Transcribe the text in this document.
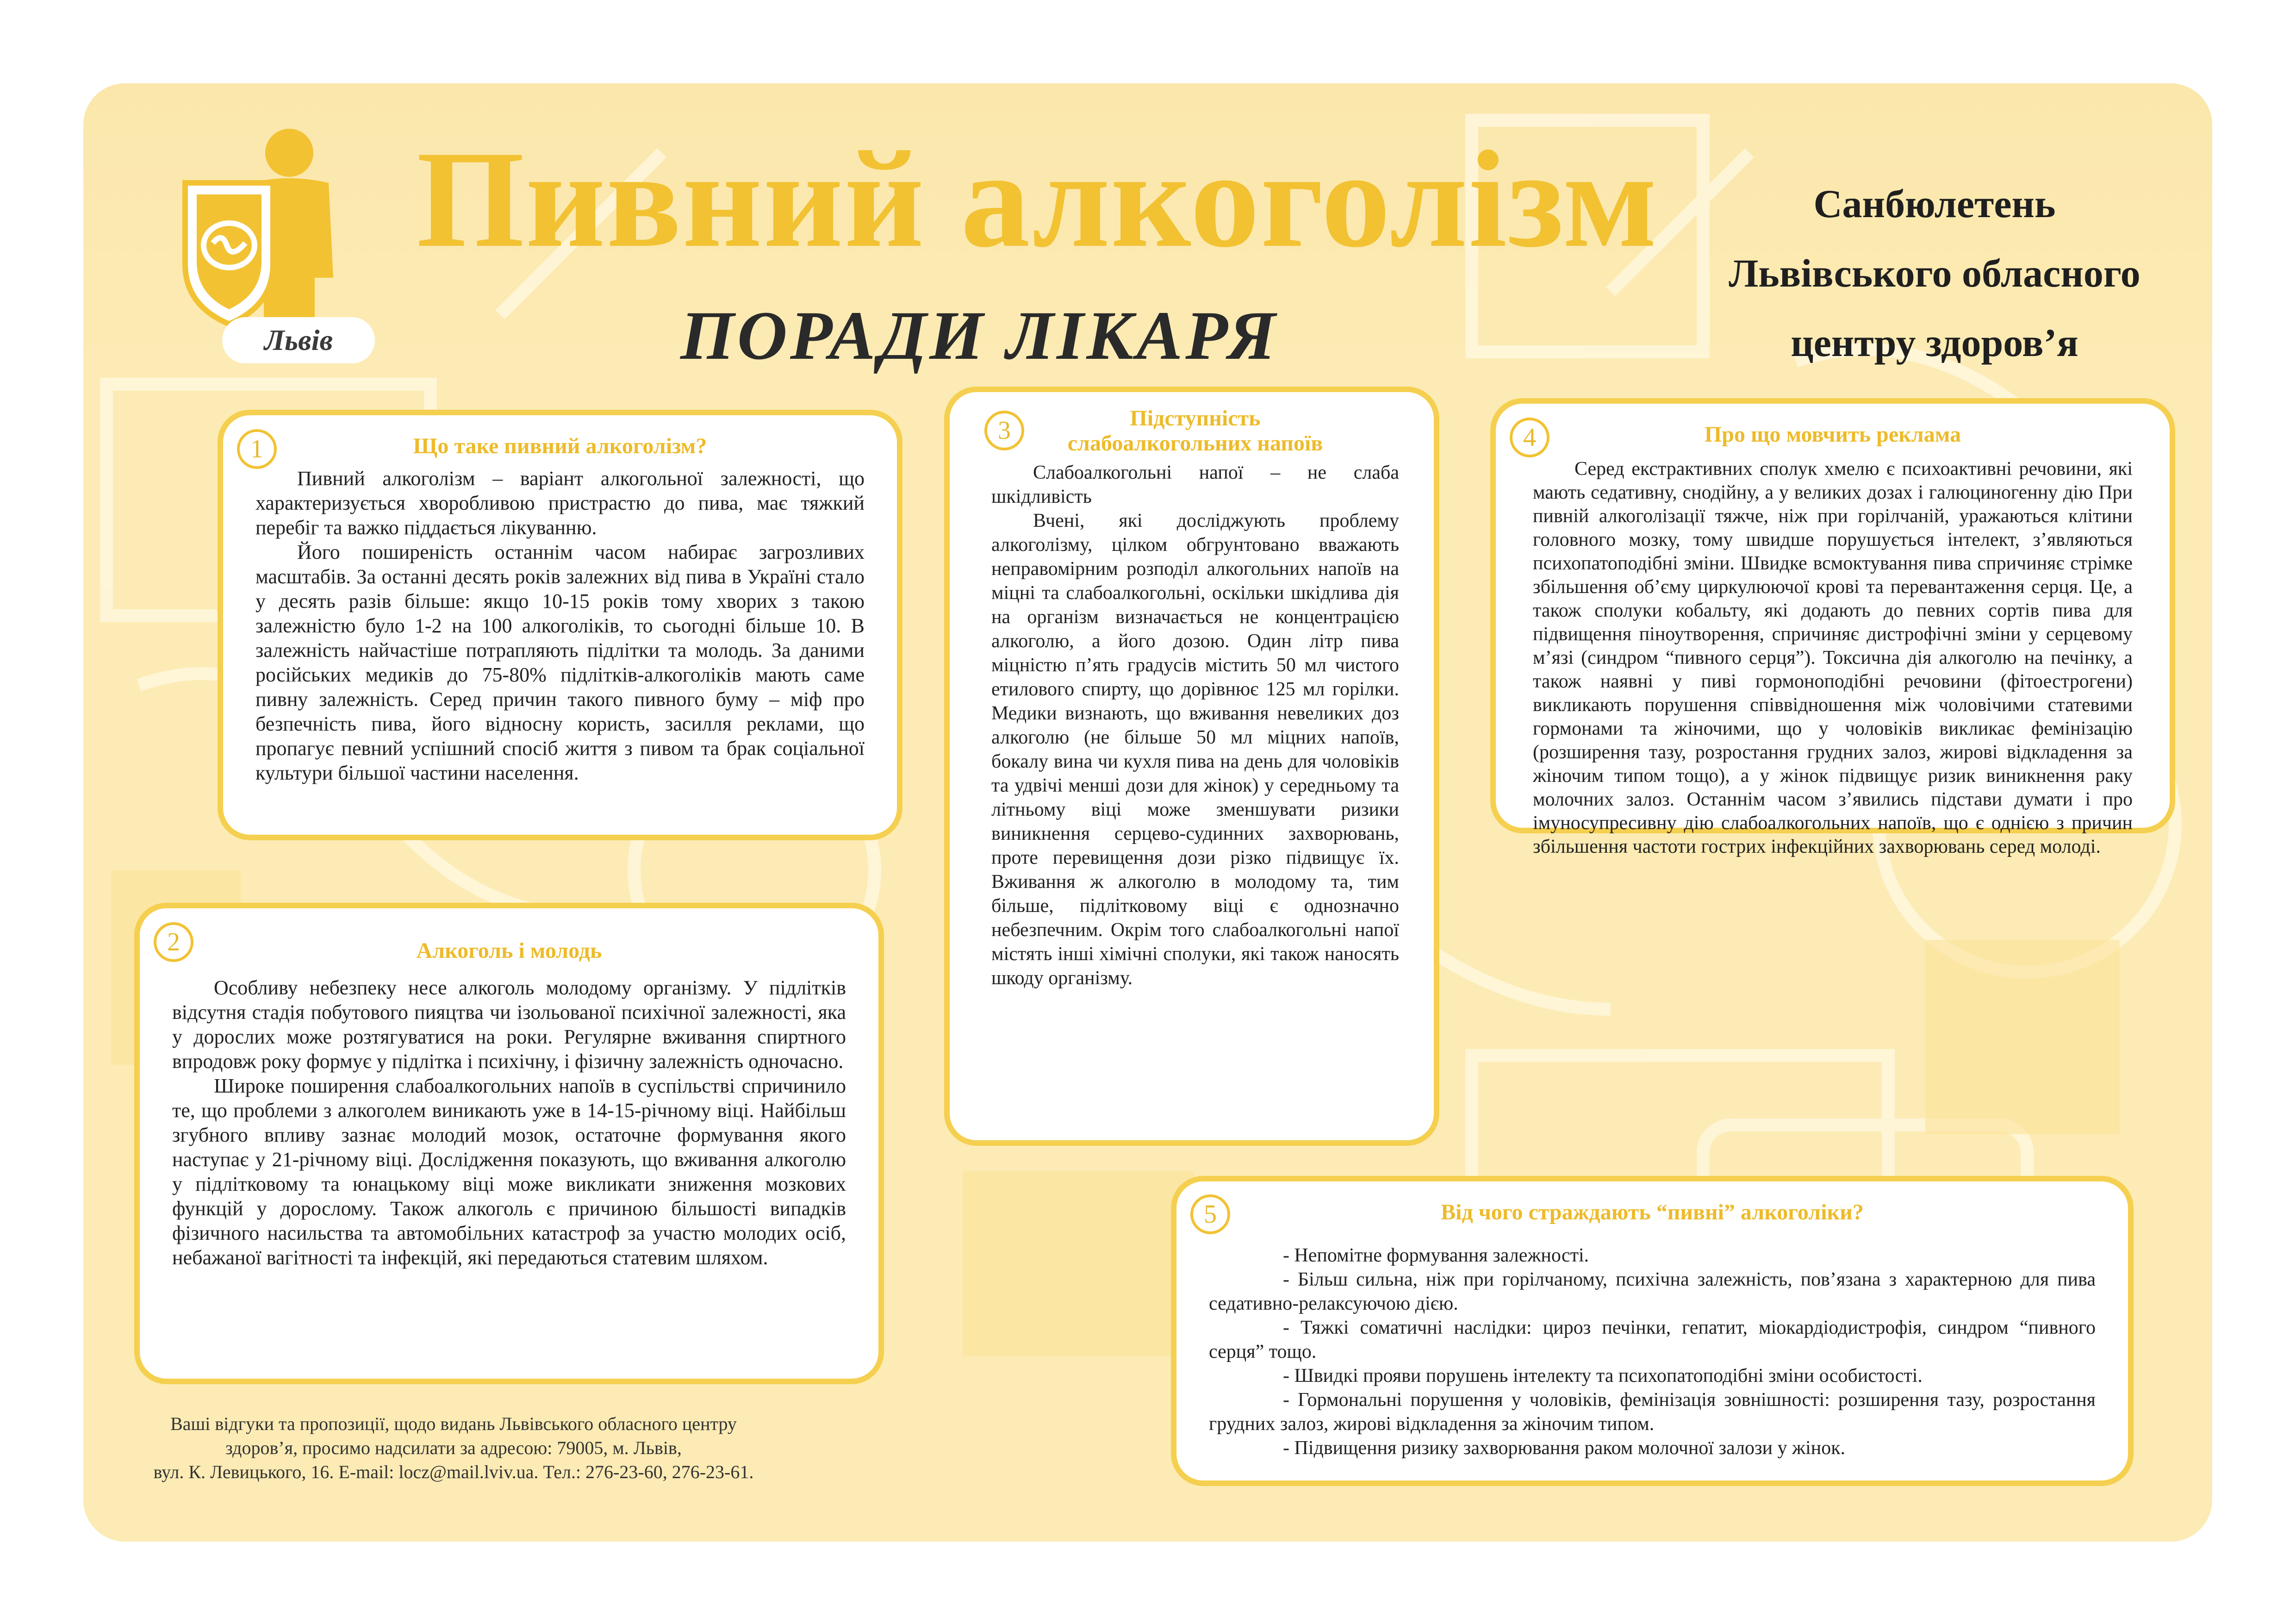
Львів
Пивний алкоголізм
ПОРАДИ ЛІКАРЯ
Санбюлетень
Львівського обласного
центру здоров’я
1	Що таке пивний алкоголізм?

Пивний алкоголізм – варіант алкогольної залежності, що характеризується хворобливою пристрастю до пива, має тяжкий перебіг та важко піддається лікуванню.

Його поширеність останнім часом набирає загрозливих масштабів. За останні десять років залежних від пива в Україні стало у десять разів більше: якщо 10-15 років тому хворих з такою залежністю було 1-2 на 100 алкоголіків, то сьогодні більше 10. В залежність найчастіше потрапляють підлітки та молодь. За даними російських медиків до 75-80% підлітків-алкоголіків мають саме пивну залежність. Серед причин такого пивного буму – міф про безпечність пива, його відносну користь, засилля реклами, що пропагує певний успішний спосіб життя з пивом та брак соціальної культури більшої частини населення.

2	Алкоголь і молодь

Особливу небезпеку несе алкоголь молодому організму. У підлітків відсутня стадія побутового пияцтва чи ізольованої психічної залежності, яка у дорослих може розтягуватися на роки. Регулярне вживання спиртного впродовж року формує у підлітка і психічну, і фізичну залежність одночасно.

Широке поширення слабоалкогольних напоїв в суспільстві спричинило те, що проблеми з алкоголем виникають уже в 14-15-річному віці. Найбільш згубного впливу зазнає молодий мозок, остаточне формування якого наступає у 21-річному віці. Дослідження показують, що вживання алкоголю у підлітковому та юнацькому віці може викликати зниження мозкових функцій у дорослому. Також алкоголь є причиною більшості випадків фізичного насильства та автомобільних катастроф за участю молодих осіб, небажаної вагітності та інфекцій, які передаються статевим шляхом.

3	Підступність
слабоалкогольних напоїв

Слабоалкогольні напої – не слаба шкідливість

Вчені, які досліджують проблему алкоголізму, цілком обгрунтовано вважають неправомірним розподіл алкогольних напоїв на міцні та слабоалкогольні, оскільки шкідлива дія на організм визначається не концентрацією алкоголю, а його дозою. Один літр пива міцністю п’ять градусів містить 50 мл чистого етилового спирту, що дорівнює 125 мл горілки. Медики визнають, що вживання невеликих доз алкоголю (не більше 50 мл міцних напоїв, бокалу вина чи кухля пива на день для чоловіків та удвічі менші дози для жінок) у середньому та літньому віці може зменшувати ризики виникнення серцево-судинних захворювань, проте перевищення дози різко підвищує їх. Вживання ж алкоголю в молодому та, тим більше, підлітковому віці є однозначно небезпечним. Окрім того слабоалкогольні напої містять інші хімічні сполуки, які також наносять шкоду організму.

4	Про що мовчить реклама

Серед екстрактивних сполук хмелю є психоактивні речовини, які мають седативну, снодійну, а у великих дозах і галюциногенну дію При пивній алкоголізації тяжче, ніж при горілчаній, уражаються клітини головного мозку, тому швидше порушується інтелект, з’являються психопатоподібні зміни. Швидке всмоктування пива спричиняє стрімке збільшення об’єму циркулюючої крові та перевантаження серця. Це, а також сполуки кобальту, які додають до певних сортів пива для підвищення піноутворення, спричиняє дистрофічні зміни у серцевому м’язі (синдром “пивного серця”). Токсична дія алкоголю на печінку, а також наявні у пиві гормоноподібні речовини (фітоестрогени) викликають порушення співвідношення між чоловічими статевими гормонами та жіночими, що у чоловіків викликає фемінізацію (розширення тазу, розростання грудних залоз, жирові відкладення за жіночим типом тощо), а у жінок підвищує ризик виникнення раку молочних залоз. Останнім часом з’явились підстави думати і про імуносупресивну дію слабоалкогольних напоїв, що є однією з причин збільшення частоти гострих інфекційних захворювань серед молоді.

5	Від чого страждають “пивні” алкоголіки?

- Непомітне формування залежності.

- Більш сильна, ніж при горілчаному, психічна залежність, пов’язана з характерною для пива седативно-релаксуючою дією.

- Тяжкі соматичні наслідки: цироз печінки, гепатит, міокардіодистрофія, синдром “пивного серця” тощо.

- Швидкі прояви порушень інтелекту та психопатоподібні зміни особистості.

- Гормональні порушення у чоловіків, фемінізація зовнішності: розширення тазу, розростання грудних залоз, жирові відкладення за жіночим типом.

- Підвищення ризику захворювання раком молочної залози у жінок.

Ваші відгуки та пропозиції, щодо видань Львівського обласного центру
здоров’я, просимо надсилати за адресою: 79005, м. Львів,
вул. К. Левицького, 16. E-mail: locz@mail.lviv.ua. Тел.: 276-23-60, 276-23-61.
